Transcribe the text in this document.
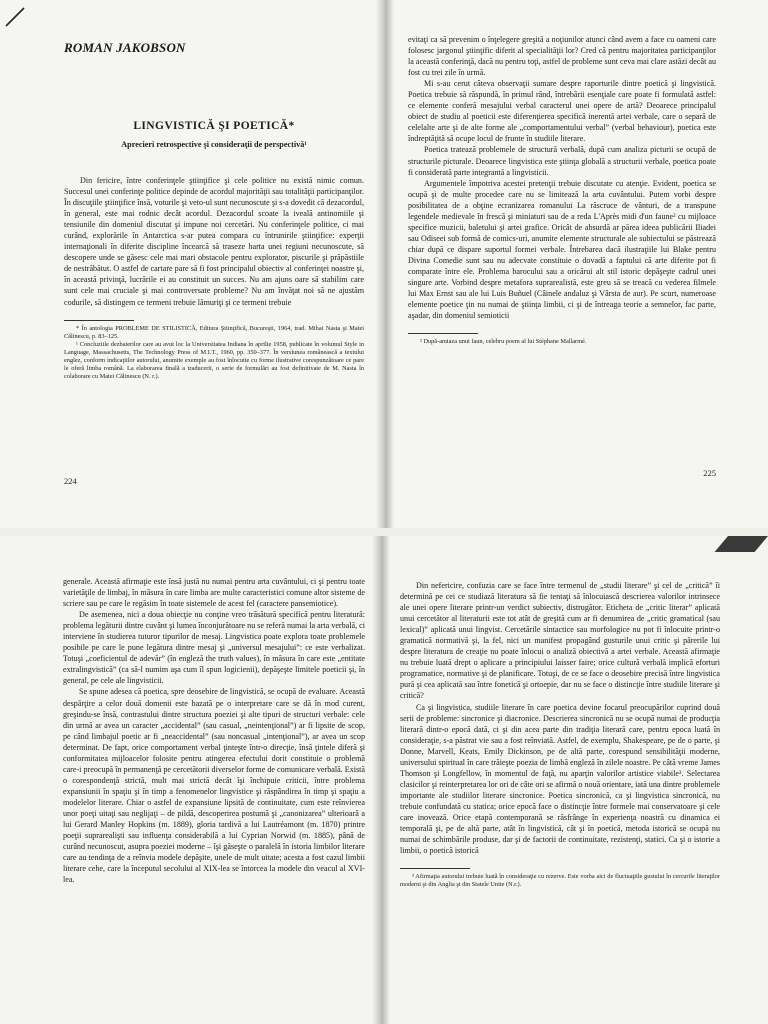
ROMAN JAKOBSON
LINGVISTICĂ ŞI POETICĂ*
Aprecieri retrospective şi consideraţii de perspectivă¹

Din fericire, între conferinţele ştiinţifice şi cele politice nu există nimic comun. Succesul unei conferinţe politice depinde de acordul majorităţii sau totalităţii participanţilor. În discuţiile ştiinţifice însă, voturile şi veto-ul sunt necunoscute şi s-a dovedit că dezacordul, în general, este mai rodnic decât acordul. Dezacordul scoate la iveală antinomiile şi tensiunile din domeniul discutat şi impune noi cercetări. Nu conferinţele politice, ci mai curând, explorările în Antarctica s-ar putea compara cu întrunirile ştiinţifice: experţii internaţionali în diferite discipline încearcă să traseze harta unei regiuni necunoscute, să descopere unde se găsesc cele mai mari obstacole pentru explorator, piscurile şi prăpăstiile de nestrăbătut. O astfel de cartare pare să fi fost principalul obiectiv al conferinţei noastre şi, în această privinţă, lucrările ei au constituit un succes. Nu am ajuns oare să stabilim care sunt cele mai cruciale şi mai controversate probleme? Nu am învăţat noi să ne ajustăm codurile, să distingem ce termeni trebuie lămuriţi şi ce termeni trebuie

* În antologia PROBLEME DE STILISTICĂ, Editura Ştiinţifică, Bucureşti, 1964, trad. Mihai Nasta şi Matei Călinescu, p. 83–125.

¹ Concluziile dezbaterilor care au avut loc la Universitatea Indiana în aprilie 1958, publicate în volumul Style in Language, Massachusetts, The Technology Press of M.I.T., 1960, pp. 350–377. În versiunea românească a textului englez, conform indicaţiilor autorului, anumite exemple au fost înlocuite cu forme ilustrative corespunzătoare ce pare le oferă limba română. La elaborarea finală a traducerii, o serie de formulări au fost definitivate de M. Nasta în colaborare cu Matei Călinescu (N. r.).

224

evitaţi ca să prevenim o înţelegere greşită a noţiunilor atunci când avem a face cu oameni care folosesc jargonul ştiinţific diferit al specialităţii lor? Cred că pentru majoritatea participanţilor la această conferinţă, dacă nu pentru toţi, astfel de probleme sunt ceva mai clare astăzi decât au fost cu trei zile în urmă.

Mi s-au cerut câteva observaţii sumare despre raporturile dintre poetică şi lingvistică. Poetica trebuie să răspundă, în primul rând, întrebării esenţiale care poate fi formulată astfel: ce elemente conferă mesajului verbal caracterul unei opere de artă? Deoarece principalul obiect de studiu al poeticii este diferenţierea specifică inerentă artei verbale, care o separă de celelalte arte şi de alte forme ale „comportamentului verbal” (verbal behaviour), poetica este îndreptăţită să ocupe locul de frunte în studiile literare.

Poetica tratează problemele de structură verbală, după cum analiza picturii se ocupă de structurile picturale. Deoarece lingvistica este ştiinţa globală a structurii verbale, poetica poate fi considerată parte integrantă a lingvisticii.

Argumentele împotriva acestei pretenţii trebuie discutate cu atenţie. Evident, poetica se ocupă şi de multe procedee care nu se limitează la arta cuvântului. Putem vorbi despre posibilitatea de a obţine ecranizarea romanului La răscruce de vânturi, de a transpune legendele medievale în frescă şi miniaturi sau de a reda L'Après midi d'un faune² cu mijloace specifice muzicii, baletului şi artei grafice. Oricât de absurdă ar părea ideea publicării Iliadei sau Odiseei sub formă de comics-uri, anumite elemente structurale ale subiectului se păstrează chiar după ce dispare suportul formei verbale. Întrebarea dacă ilustraţiile lui Blake pentru Divina Comedie sunt sau nu adecvate constituie o dovadă a faptului că arte diferite pot fi comparate între ele. Problema barocului sau a oricărui alt stil istoric depăşeşte cadrul unei singure arte. Vorbind despre metafora suprarealistă, este greu să se treacă cu vederea filmele lui Max Ernst sau ale lui Luis Buñuel (Câinele andaluz şi Vârsta de aur). Pe scurt, numeroase elemente poetice ţin nu numai de ştiinţa limbii, ci şi de întreaga teorie a semnelor, fac parte, aşadar, din domeniul semioticii

² După-amiaza unui faun, celebru poem al lui Stéphane Mallarmé.

225

generale. Această afirmaţie este însă justă nu numai pentru arta cuvântului, ci şi pentru toate varietăţile de limbaj, în măsura în care limba are multe caracteristici comune altor sisteme de scriere sau pe care le regăsim în toate sistemele de acest fel (caractere pansemiotice).

De asemenea, nici a doua obiecţie nu conţine vreo trăsătură specifică pentru literatură: problema legăturii dintre cuvânt şi lumea înconjurătoare nu se referă numai la arta verbală, ci interviene în studierea tuturor tipurilor de mesaj. Lingvistica poate explora toate problemele posibile pe care le pune legătura dintre mesaj şi „universul mesajului”: ce este verbalizat. Totuşi „coeficientul de adevăr” (în engleză the truth values), în măsura în care este „entitate extralingvistică” (ca să-l numim aşa cum îl spun logicienii), depăşeşte limitele poeticii şi, în general, pe cele ale lingvisticii.

Se spune adesea că poetica, spre deosebire de lingvistică, se ocupă de evaluare. Această despărţire a celor două domenii este bazată pe o interpretare care se dă în mod curent, greşindu-se însă, contrastului dintre structura poeziei şi alte tipuri de structuri verbale: cele din urmă ar avea un caracter „accidental” (sau casual, „neintenţional”) ar fi lipsite de scop, pe când limbajul poetic ar fi „neaccidental” (sau noncasual „intenţional”), ar avea un scop determinat. De fapt, orice comportament verbal ţinteşte într-o direcţie, însă ţintele diferă şi conformitatea mijloacelor folosite pentru atingerea efectului dorit constituie o problemă care-i preocupă în permanenţă pe cercetătorii diverselor forme de comunicare verbală. Există o corespondenţă strictă, mult mai strictă decât îşi închipuie criticii, între problema expansiunii în spaţiu şi în timp a fenomenelor lingvistice şi răspândirea în timp şi spaţiu a modelelor literare. Chiar o astfel de expansiune lipsită de continuitate, cum este reînvierea unor poeţi uitaţi sau neglijaţi – de pildă, descoperirea postumă şi „canonizarea” ulterioară a lui Gerard Manley Hopkins (m. 1889), gloria tardivă a lui Lautréamont (m. 1870) printre poeţii suprarealişti sau influenţa considerabilă a lui Cyprian Norwid (m. 1885), până de curând necunoscut, asupra poeziei moderne – îşi găseşte o paralelă în istoria limbilor literare care au tendinţa de a reînvia modele depăşite, unele de mult uitate; acesta a fost cazul limbii literare cehe, care la începutul secolului al XIX-lea se întorcea la modele din veacul al XVI-lea.

Din nefericire, confuzia care se face între termenul de „studii literare” şi cel de „critică” îi determină pe cei ce studiază literatura să fie tentaţi să înlocuiască descrierea valorilor intrinsece ale unei opere literare printr-un verdict subiectiv, distrugător. Eticheta de „critic literar” aplicată unui cercetător al literaturii este tot atât de greşită cum ar fi denumirea de „critic gramatical (sau lexical)” aplicată unui lingvist. Cercetările sintactice sau morfologice nu pot fi înlocuite printr-o gramatică normativă şi, la fel, nici un manifest propagând gusturile unui critic şi părerile lui despre literatura de creaţie nu poate înlocui o analiză obiectivă a artei verbale. Această afirmaţie nu trebuie luată drept o aplicare a principiului laisser faire; orice cultură verbală implică eforturi programatice, normative şi de planificare. Totuşi, de ce se face o deosebire precisă între lingvistica pură şi cea aplicată sau între fonetică şi ortoepie, dar nu se face o distincţie între studiile literare şi critică?

Ca şi lingvistica, studiile literare în care poetica devine focarul preocupărilor cuprind două serii de probleme: sincronice şi diacronice. Descrierea sincronică nu se ocupă numai de producţia literară dintr-o epocă dată, ci şi din acea parte din tradiţia literară care, pentru epoca luată în consideraţie, s-a păstrat vie sau a fost reînviată. Astfel, de exemplu, Shakespeare, pe de o parte, şi Donne, Marvell, Keats, Emily Dickinson, pe de altă parte, corespund sensibilităţii moderne, universului spiritual în care trăieşte poezia de limbă engleză în zilele noastre. Pe câtă vreme James Thomson şi Longfellow, în momentul de faţă, nu aparţin valorilor artistice viabile³. Selectarea clasicilor şi reinterpretarea lor ori de câte ori se afirmă o nouă orientare, iată una dintre problemele importante ale studiilor literare sincronice. Poetica sincronică, ca şi lingvistica sincronică, nu trebuie confundată cu statica; orice epocă face o distincţie între formele mai conservatoare şi cele care inovează. Orice etapă contemporană se răsfrânge în experienţa noastră cu dinamica ei temporală şi, pe de altă parte, atât în lingvistică, cât şi în poetică, metoda istorică se ocupă nu numai de schimbările produse, dar şi de factorii de continuitate, rezistenţi, statici. Ca şi o istorie a limbii, o poetică istorică

³ Afirmaţia autorului trebuie luată în consideraţie cu rezerve. Este vorba aici de fluctuaţiile gustului în cercurile literaţilor moderni şi din Anglia şi din Statele Unite (N.r.).
